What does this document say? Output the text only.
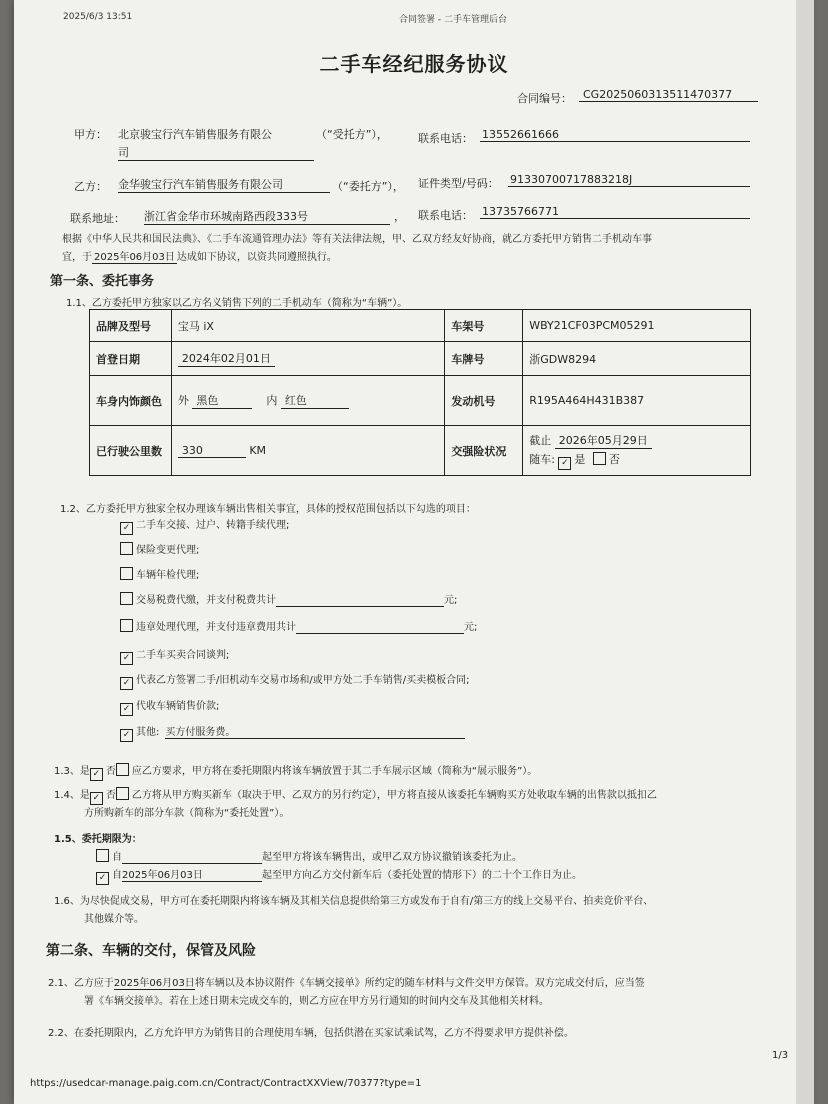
2025/6/3 13:51	合同签署 - 二手车管理后台
二手车经纪服务协议
合同编号：	CG2025060313511470377
甲方： 北京骏宝行汽车销售服务有限公
司
（“受托方”），	联系电话： 13552661666
乙方： 金华骏宝行汽车销售服务有限公司	（“委托方”）， 证件类型/号码： 91330700717883218J
联系地址： 浙江省金华市环城南路西段333号	， 联系电话： 13735766771
根据《中华人民共和国民法典》、《二手车流通管理办法》等有关法律法规，甲、乙双方经友好协商，就乙方委托甲方销售二手机动车事
宜，于 2025年06月03日 达成如下协议，以资共同遵照执行。
第一条、委托事务
1.1、乙方委托甲方独家以乙方名义销售下列的二手机动车（简称为“车辆”）。
品牌及型号	宝马 iX	车架号	WBY21CF03PCM05291
首登日期	2024年02月01日	车牌号	浙GDW8294
车身内饰颜色	外 黑色 内 红色	发动机号	R195A464H431B387
已行驶公里数	330 KM	交强险状况	截止 2026年05月29日
随车: ✓ 是 否
1.2、乙方委托甲方独家全权办理该车辆出售相关事宜，具体的授权范围包括以下勾选的项目：
✓ 二手车交接、过户、转籍手续代理;
保险变更代理;
车辆年检代理;
交易税费代缴，并支付税费共计	元;
违章处理代理，并支付违章费用共计	元;
✓ 二手车买卖合同谈判;
✓ 代表乙方签署二手/旧机动车交易市场和/或甲方处二手车销售/买卖模板合同;
✓ 代收车辆销售价款;
✓ 其他: 买方付服务费。
1.3、是 ✓ 否 应乙方要求，甲方将在委托期限内将该车辆放置于其二手车展示区域（简称为“展示服务”）。
1.4、是 ✓ 否 乙方将从甲方购买新车（取决于甲、乙双方的另行约定），甲方将直接从该委托车辆购买方处收取车辆的出售款以抵扣乙
方所购新车的部分车款（简称为“委托处置”）。
1.5、委托期限为：
自	起至甲方将该车辆售出，或甲乙双方协议撤销该委托为止。
✓ 自2025年06月03日	起至甲方向乙方交付新车后（委托处置的情形下）的二十个工作日为止。
1.6、为尽快促成交易，甲方可在委托期限内将该车辆及其相关信息提供给第三方或发布于自有/第三方的线上交易平台、拍卖竞价平台、
其他媒介等。
第二条、车辆的交付，保管及风险
2.1、乙方应于2025年06月03日将车辆以及本协议附件《车辆交接单》所约定的随车材料与文件交甲方保管。双方完成交付后，应当签
署《车辆交接单》。若在上述日期未完成交车的，则乙方应在甲方另行通知的时间内交车及其他相关材料。
2.2、在委托期限内，乙方允许甲方为销售目的合理使用车辆，包括供潜在买家试乘试驾，乙方不得要求甲方提供补偿。
https://usedcar-manage.paig.com.cn/Contract/ContractXXView/70377?type=1
1/3
